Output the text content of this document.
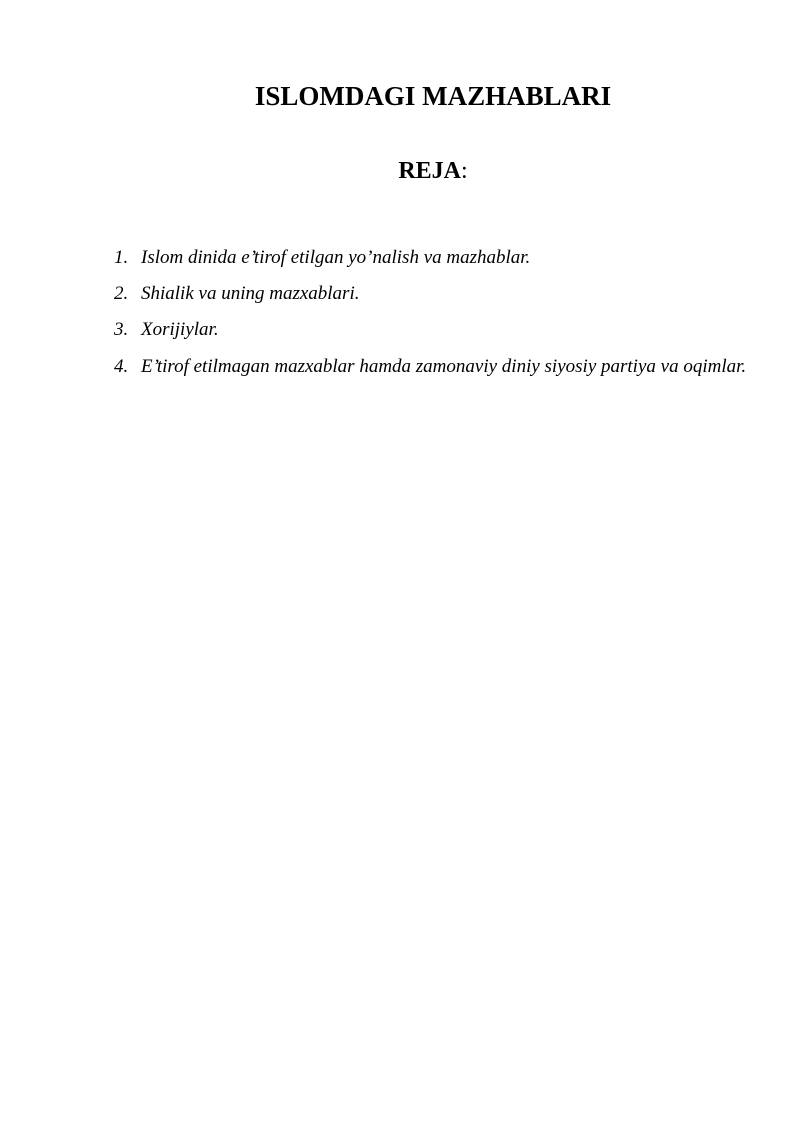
ISLOMDAGI MAZHABLARI
REJA:
1. Islom dinida e’tirof etilgan yo’nalish va mazhablar.
2. Shialik va uning mazxablari.
3. Xorijiylar.
4. E’tirof etilmagan mazxablar hamda zamonaviy diniy siyosiy partiya va oqimlar.
